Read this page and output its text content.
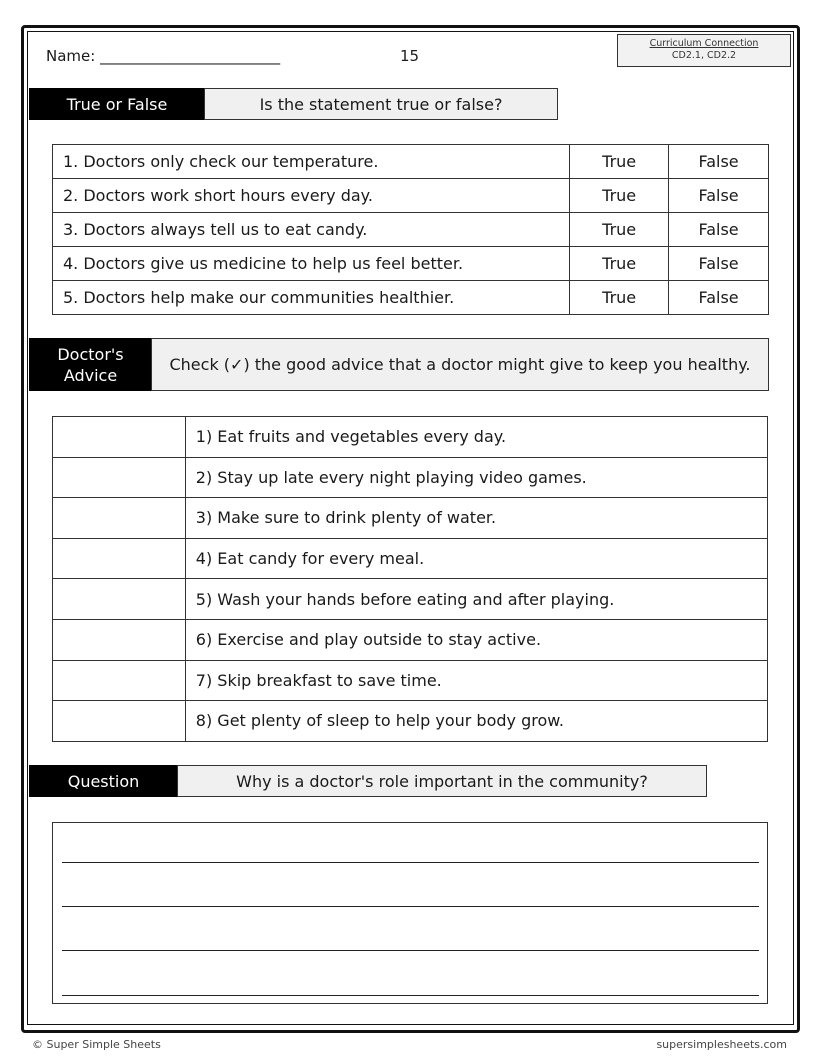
Name: ________________________	15
Curriculum Connection
CD2.1, CD2.2
True or False	Is the statement true or false?
1. Doctors only check our temperature.	True	False
2. Doctors work short hours every day.	True	False
3. Doctors always tell us to eat candy.	True	False
4. Doctors give us medicine to help us feel better.	True	False
5. Doctors help make our communities healthier.	True	False
Doctor's
Advice
Check (✓) the good advice that a doctor might give to keep you healthy.
	1) Eat fruits and vegetables every day.
	2) Stay up late every night playing video games.
	3) Make sure to drink plenty of water.
	4) Eat candy for every meal.
	5) Wash your hands before eating and after playing.
	6) Exercise and play outside to stay active.
	7) Skip breakfast to save time.
	8) Get plenty of sleep to help your body grow.
Question	Why is a doctor's role important in the community?
© Super Simple Sheets	supersimplesheets.com
